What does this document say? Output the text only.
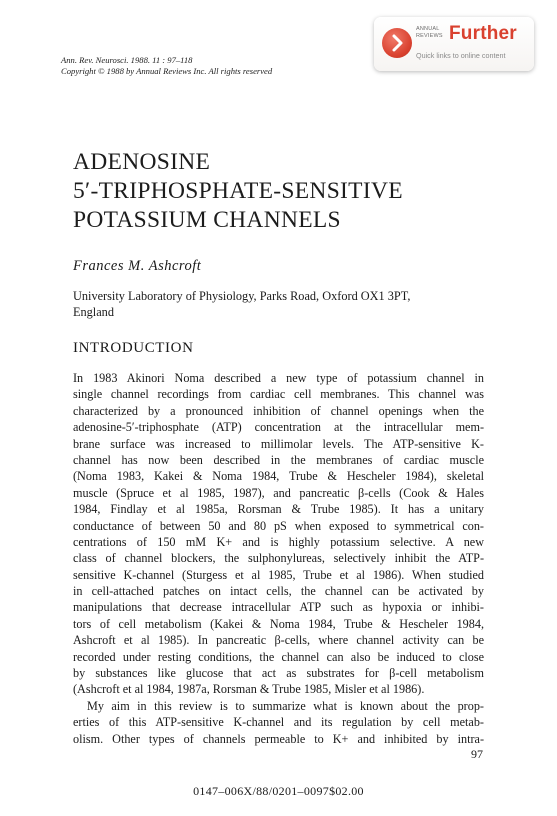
Ann. Rev. Neurosci. 1988. 11 : 97–118
Copyright © 1988 by Annual Reviews Inc. All rights reserved
ANNUAL
REVIEWS Further
Quick links to online content
ADENOSINE
5′-TRIPHOSPHATE-SENSITIVE
POTASSIUM CHANNELS
Frances M. Ashcroft
University Laboratory of Physiology, Parks Road, Oxford OX1 3PT,
England
INTRODUCTION
In 1983 Akinori Noma described a new type of potassium channel in
single channel recordings from cardiac cell membranes. This channel was
characterized by a pronounced inhibition of channel openings when the
adenosine-5′-triphosphate (ATP) concentration at the intracellular mem-
brane surface was increased to millimolar levels. The ATP-sensitive K-
channel has now been described in the membranes of cardiac muscle
(Noma 1983, Kakei & Noma 1984, Trube & Hescheler 1984), skeletal
muscle (Spruce et al 1985, 1987), and pancreatic β-cells (Cook & Hales
1984, Findlay et al 1985a, Rorsman & Trube 1985). It has a unitary
conductance of between 50 and 80 pS when exposed to symmetrical con-
centrations of 150 mM K+ and is highly potassium selective. A new
class of channel blockers, the sulphonylureas, selectively inhibit the ATP-
sensitive K-channel (Sturgess et al 1985, Trube et al 1986). When studied
in cell-attached patches on intact cells, the channel can be activated by
manipulations that decrease intracellular ATP such as hypoxia or inhibi-
tors of cell metabolism (Kakei & Noma 1984, Trube & Hescheler 1984,
Ashcroft et al 1985). In pancreatic β-cells, where channel activity can be
recorded under resting conditions, the channel can also be induced to close
by substances like glucose that act as substrates for β-cell metabolism
(Ashcroft et al 1984, 1987a, Rorsman & Trube 1985, Misler et al 1986).
My aim in this review is to summarize what is known about the prop-
erties of this ATP-sensitive K-channel and its regulation by cell metab-
olism. Other types of channels permeable to K+ and inhibited by intra-
97
0147–006X/88/0201–0097$02.00
